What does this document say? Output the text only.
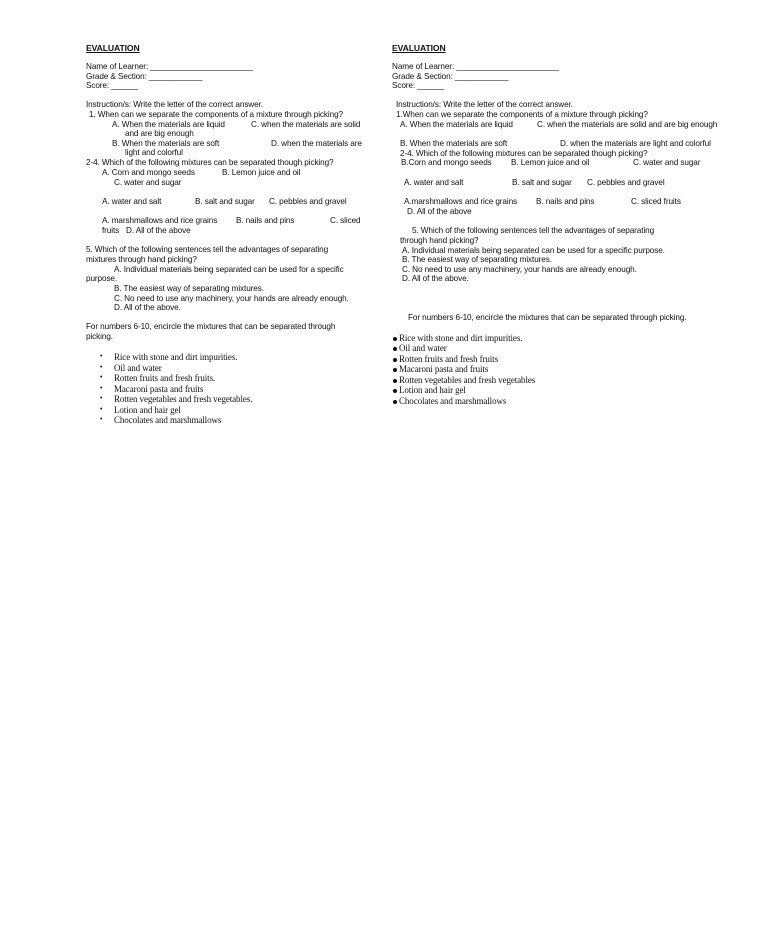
EVALUATION
Name of Learner: _______________________
Grade & Section: ____________
Score: ______
Instruction/s: Write the letter of the correct answer.
1. When can we separate the components of a mixture through picking?
A. When the materials are liquid	C. when the materials are solid
and are big enough
B. When the materials are soft	D. when the materials are
light and colorful
2-4. Which of the following mixtures can be separated though picking?
A. Corn and mongo seeds	B. Lemon juice and oil
C. water and sugar
A. water and salt	B. salt and sugar C. pebbles and gravel
A. marshmallows and rice grains B. nails and pins	C. sliced
fruits D. All of the above
5. Which of the following sentences tell the advantages of separating
mixtures through hand picking?
A. Individual materials being separated can be used for a specific
purpose.
B. The easiest way of separating mixtures.
C. No need to use any machinery, your hands are already enough.
D. All of the above.
For numbers 6-10, encircle the mixtures that can be separated through
picking.
• Rice with stone and dirt impurities.
• Oil and water
• Rotten fruits and fresh fruits.
• Macaroni pasta and fruits
• Rotten vegetables and fresh vegetables.
• Lotion and hair gel
• Chocolates and marshmallows
EVALUATION
Name of Learner: _______________________
Grade & Section: ____________
Score: ______
Instruction/s: Write the letter of the correct answer.
1.When can we separate the components of a mixture through picking?
A. When the materials are liquid	C. when the materials are solid and are big enough
B. When the materials are soft	D. when the materials are light and colorful
2-4. Which of the following mixtures can be separated though picking?
B.Corn and mongo seeds B. Lemon juice and oil	C. water and sugar
A. water and salt	B. salt and sugar C. pebbles and gravel
A.marshmallows and rice grains B. nails and pins	C. sliced fruits
D. All of the above
5. Which of the following sentences tell the advantages of separating
through hand picking?
A. Individual materials being separated can be used for a specific purpose.
B. The easiest way of separating mixtures.
C. No need to use any machinery, your hands are already enough.
D. All of the above.
For numbers 6-10, encircle the mixtures that can be separated through picking.
Rice with stone and dirt impurities.
Oil and water
Rotten fruits and fresh fruits
Macaroni pasta and fruits
Rotten vegetables and fresh vegetables
Lotion and hair gel
Chocolates and marshmallows
